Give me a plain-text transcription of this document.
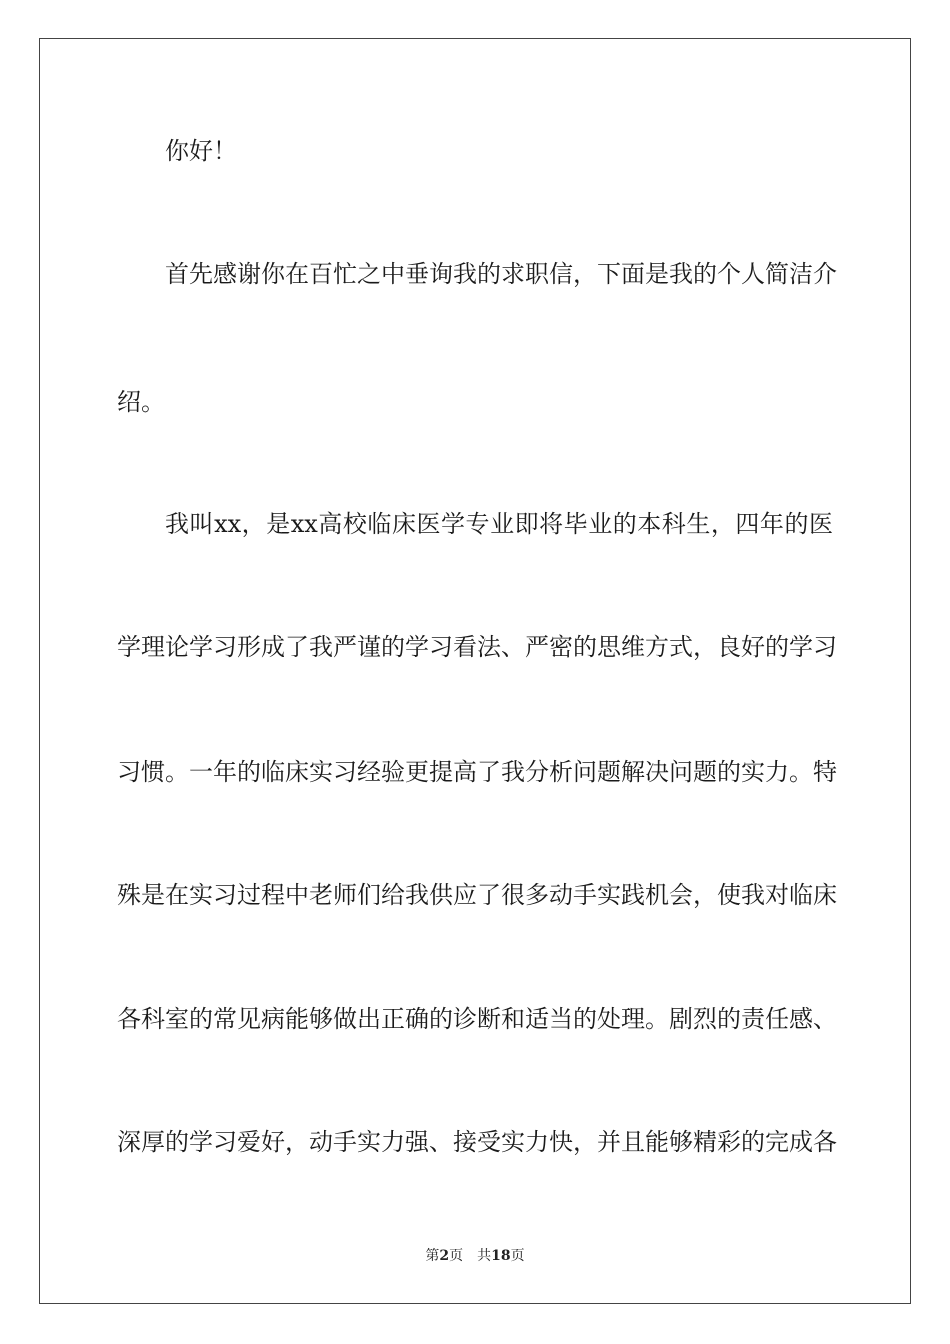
你好！

首先感谢你在百忙之中垂询我的求职信，下面是我的个人简洁介

绍。

我叫xx，是xx高校临床医学专业即将毕业的本科生，四年的医

学理论学习形成了我严谨的学习看法、严密的思维方式，良好的学习

习惯。一年的临床实习经验更提高了我分析问题解决问题的实力。特

殊是在实习过程中老师们给我供应了很多动手实践机会，使我对临床

各科室的常见病能够做出正确的诊断和适当的处理。剧烈的责任感、

深厚的学习爱好，动手实力强、接受实力快，并且能够精彩的完成各

第2页 共18页
